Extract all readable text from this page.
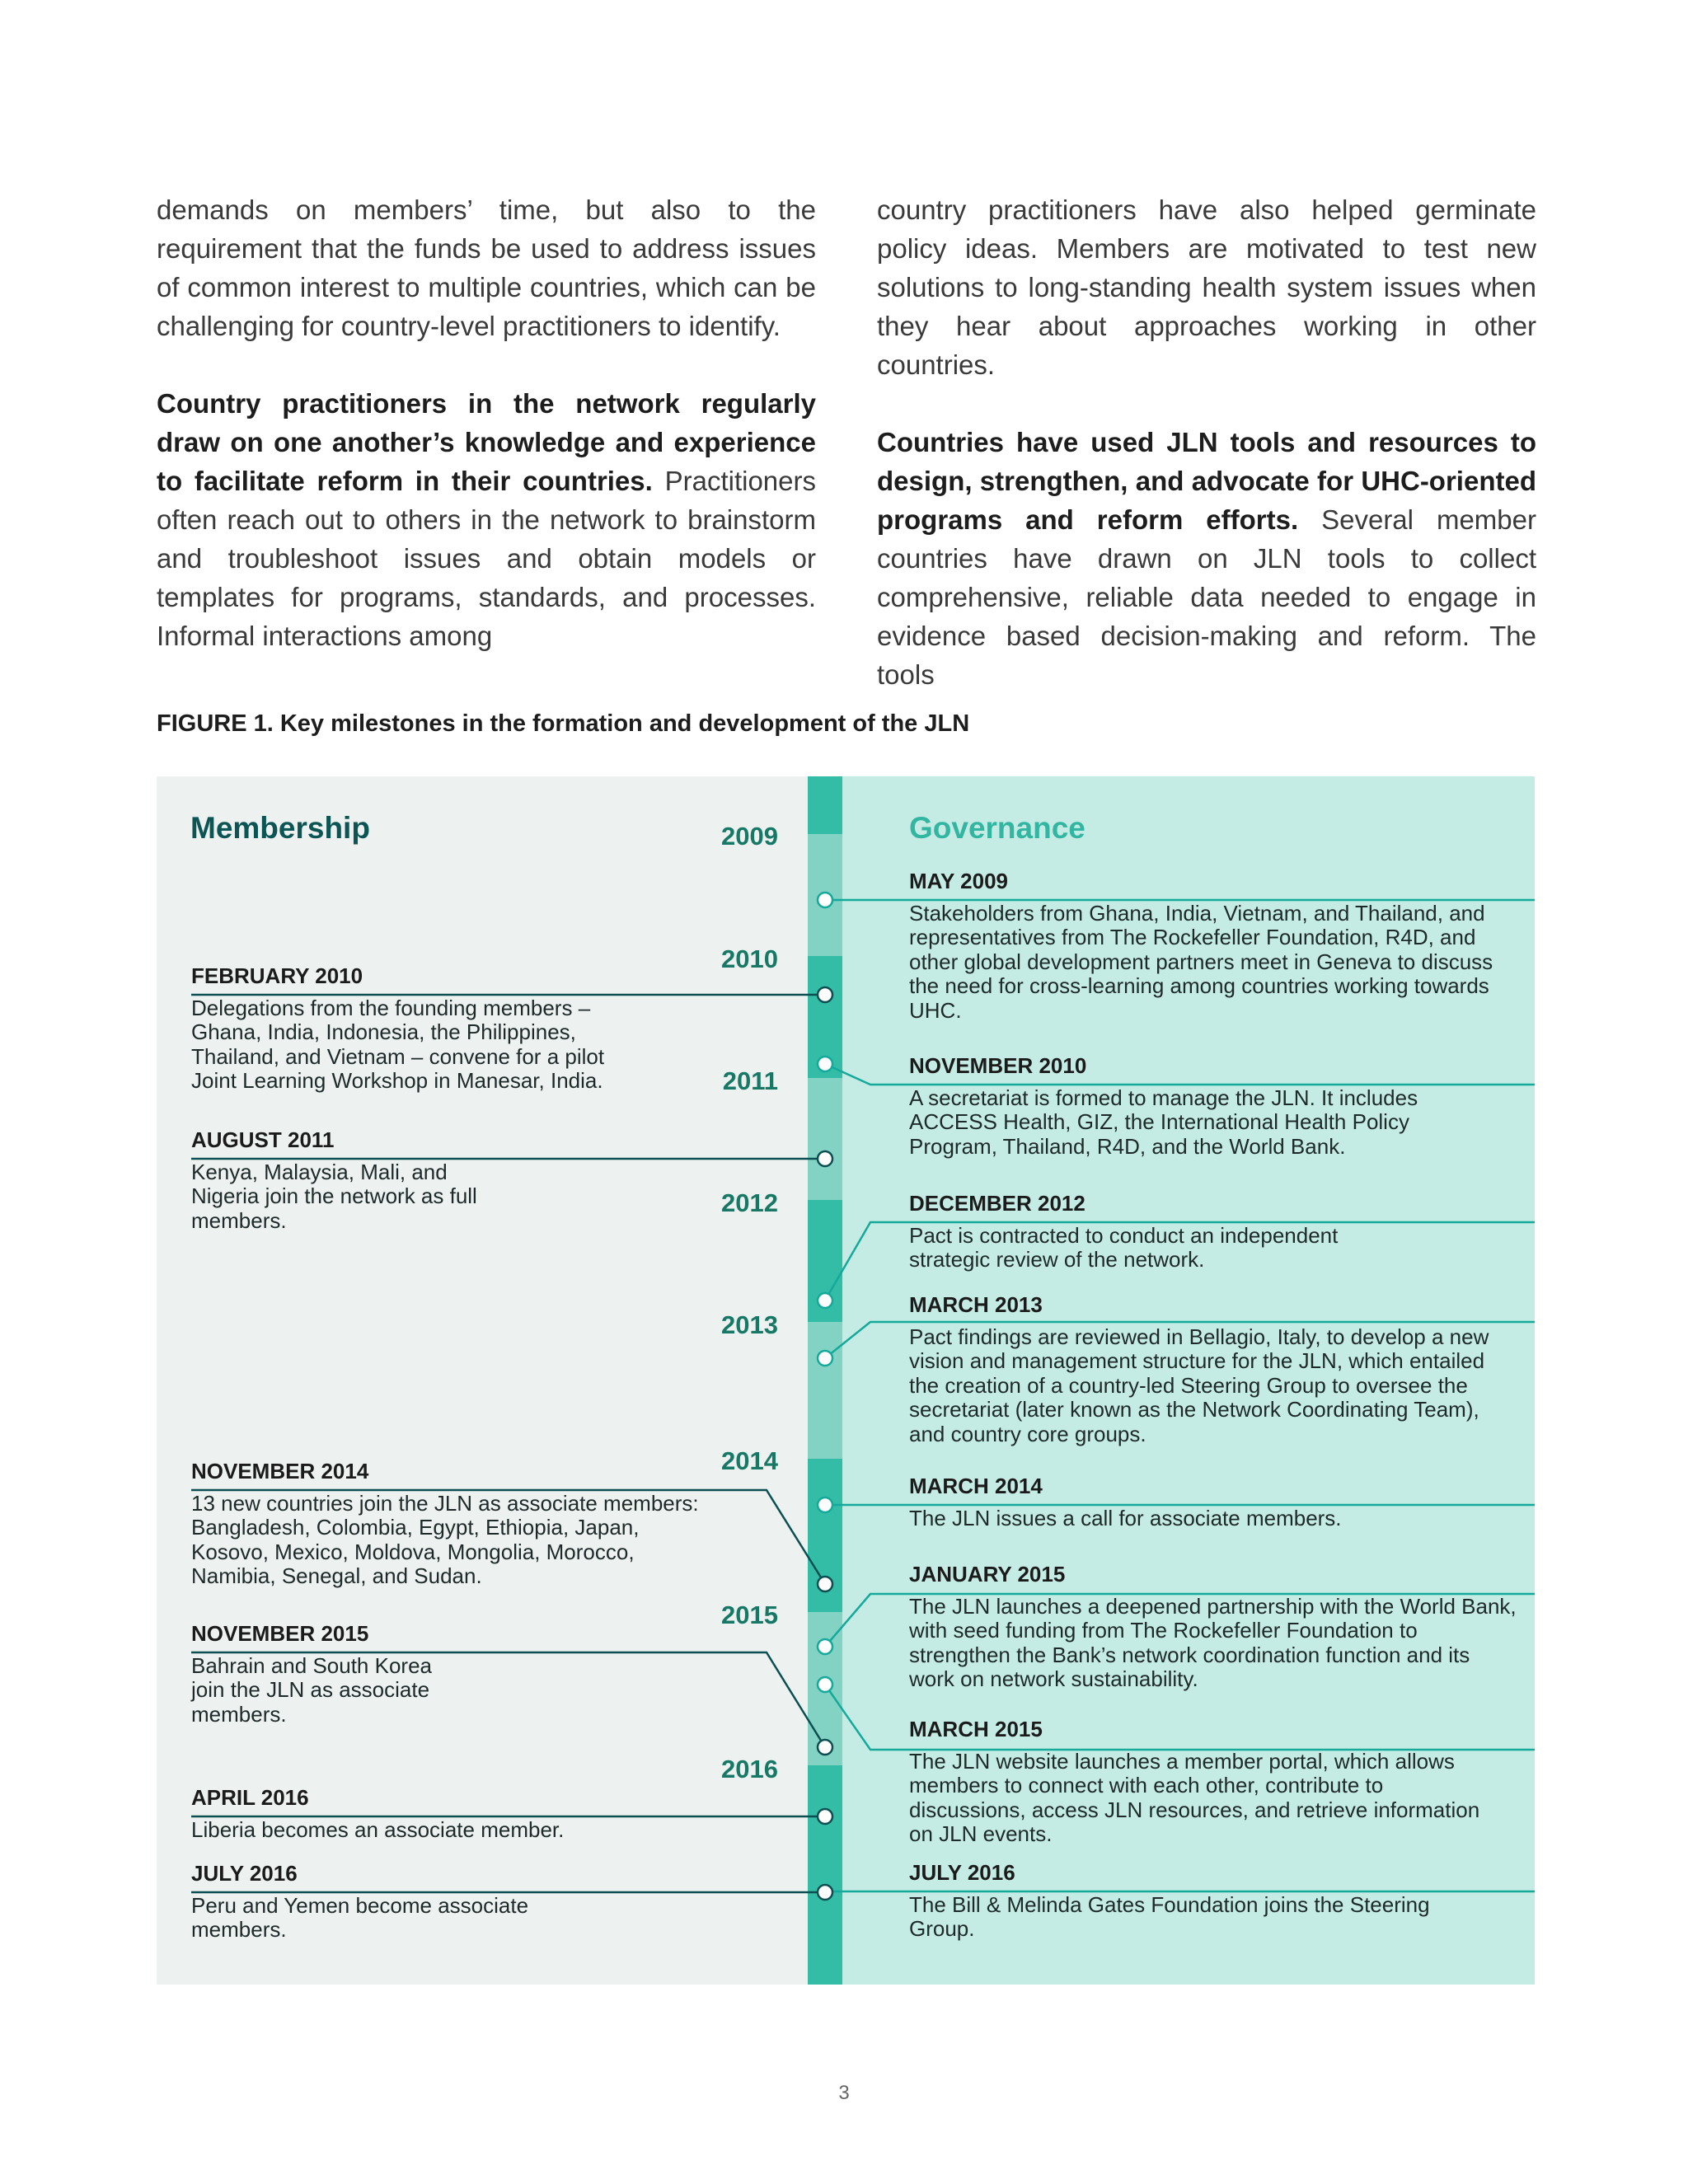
demands on members’ time, but also to the requirement that the funds be used to address issues of common interest to multiple countries, which can be challenging for country-level practitioners to identify.

Country practitioners in the network regularly draw on one another’s knowledge and experience to facilitate reform in their countries. Practitioners often reach out to others in the network to brainstorm and troubleshoot issues and obtain models or templates for programs, standards, and processes. Informal interactions among

country practitioners have also helped germinate policy ideas. Members are motivated to test new solutions to long-standing health system issues when they hear about approaches working in other countries.

Countries have used JLN tools and resources to design, strengthen, and advocate for UHC-oriented programs and reform efforts. Several member countries have drawn on JLN tools to collect comprehensive, reliable data needed to engage in evidence based decision-making and reform. The tools

FIGURE 1. Key milestones in the formation and development of the JLN

Membership	Governance

2009
2010
2011
2012
2013
2014
2015
2016
FEBRUARY 2010

Delegations from the founding members – Ghana, India, Indonesia, the Philippines, Thailand, and Vietnam – convene for a pilot Joint Learning Workshop in Manesar, India.

AUGUST 2011

Kenya, Malaysia, Mali, and Nigeria join the network as full members.

NOVEMBER 2014

13 new countries join the JLN as associate members: Bangladesh, Colombia, Egypt, Ethiopia, Japan, Kosovo, Mexico, Moldova, Mongolia, Morocco, Namibia, Senegal, and Sudan.

NOVEMBER 2015

Bahrain and South Korea join the JLN as associate members.

APRIL 2016

Liberia becomes an associate member.

JULY 2016

Peru and Yemen become associate members.

MAY 2009

Stakeholders from Ghana, India, Vietnam, and Thailand, and representatives from The Rockefeller Foundation, R4D, and other global development partners meet in Geneva to discuss the need for cross-learning among countries working towards UHC.

NOVEMBER 2010

A secretariat is formed to manage the JLN. It includes ACCESS Health, GIZ, the International Health Policy Program, Thailand, R4D, and the World Bank.

DECEMBER 2012

Pact is contracted to conduct an independent strategic review of the network.

MARCH 2013

Pact findings are reviewed in Bellagio, Italy, to develop a new vision and management structure for the JLN, which entailed the creation of a country-led Steering Group to oversee the secretariat (later known as the Network Coordinating Team), and country core groups.

MARCH 2014

The JLN issues a call for associate members.

JANUARY 2015

The JLN launches a deepened partnership with the World Bank, with seed funding from The Rockefeller Foundation to strengthen the Bank’s network coordination function and its work on network sustainability.

MARCH 2015

The JLN website launches a member portal, which allows members to connect with each other, contribute to discussions, access JLN resources, and retrieve information on JLN events.

JULY 2016

The Bill & Melinda Gates Foundation joins the Steering Group.

3
